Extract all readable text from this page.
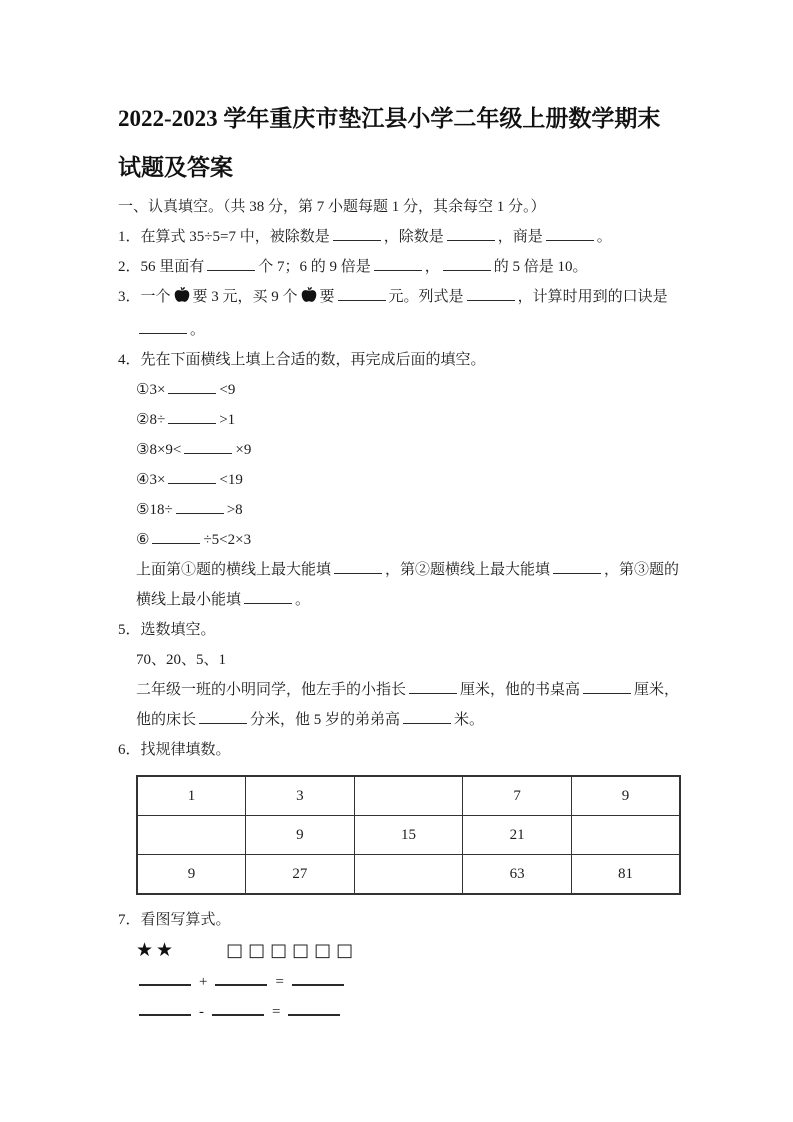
2022-2023 学年重庆市垫江县小学二年级上册数学期末试题及答案

一、认真填空。（共 38 分，第 7 小题每题 1 分，其余每空 1 分。）

1．在算式 35÷5=7 中，被除数是	，除数是	，商是	。

2．56 里面有	个 7；6 的 9 倍是	，	的 5 倍是 10。

3．一个 要 3 元，买 9 个 要	元。列式是	，计算时用到的口诀是。

4．先在下面横线上填上合适的数，再完成后面的填空。

①3×	<9

②8÷	>1

③8×9<	×9

④3×	<19

⑤18÷	>8

⑥	÷5<2×3

上面第①题的横线上最大能填	，第②题横线上最大能填	，第③题的横线上最小能填	。

5．选数填空。

70、20、5、1

二年级一班的小明同学，他左手的小指长	厘米，他的书桌高	厘米，他的床长	分米，他 5 岁的弟弟高	米。

6．找规律填数。

1	3		7	9
	9	15	21	
9	27		63	81

7．看图写算式。

★★	□□□□□□

+	=

-	=
